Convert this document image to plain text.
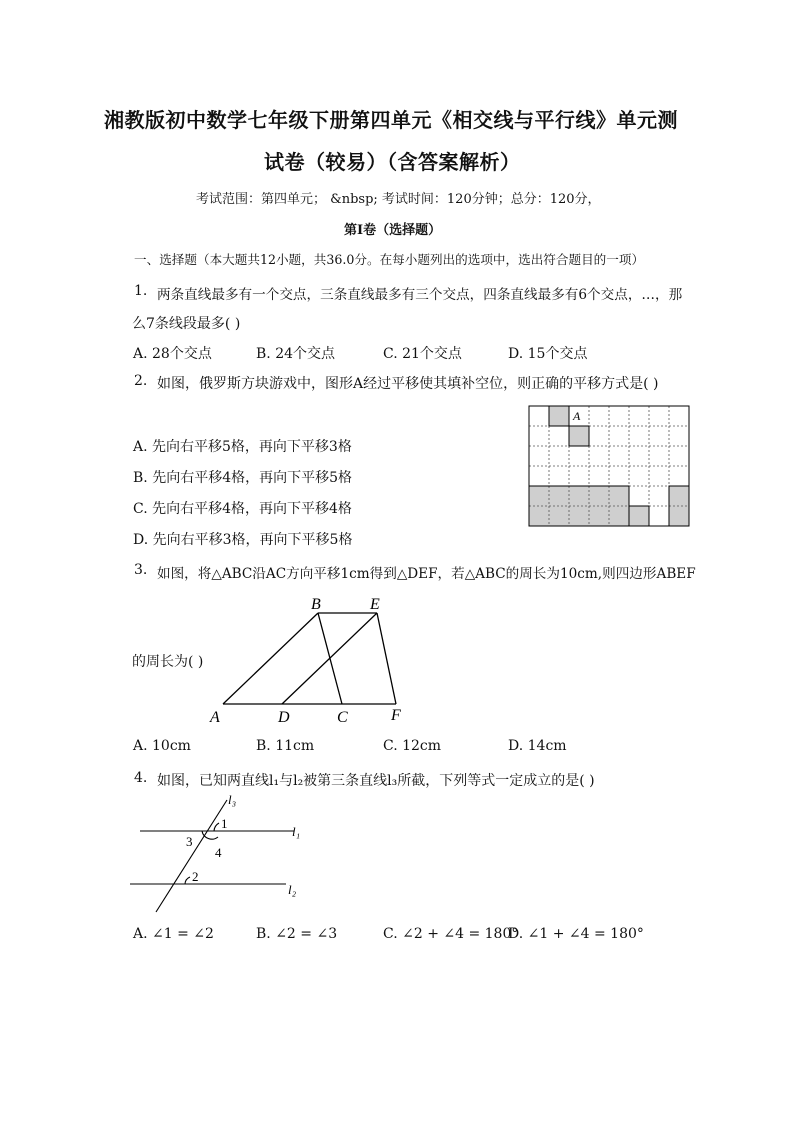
湘教版初中数学七年级下册第四单元《相交线与平行线》单元测
试卷（较易）（含答案解析）
考试范围：第四单元； &nbsp; 考试时间：120分钟；总分：120分，
第I卷（选择题）
一、选择题（本大题共12小题，共36.0分。在每小题列出的选项中，选出符合题目的一项）
1. 两条直线最多有一个交点，三条直线最多有三个交点，四条直线最多有6个交点，…，那
么7条线段最多( )
A. 28个交点	B. 24个交点	C. 21个交点	D. 15个交点
2. 如图，俄罗斯方块游戏中，图形A经过平移使其填补空位，则正确的平移方式是( )
A. 先向右平移5格，再向下平移3格
B. 先向右平移4格，再向下平移5格
C. 先向右平移4格，再向下平移4格
D. 先向右平移3格，再向下平移5格
A
3. 如图，将△ABC沿AC方向平移1cm得到△DEF，若△ABC的周长为10cm,则四边形ABEF
的周长为( )
B	E
A	D	C	F
A. 10cm	B. 11cm	C. 12cm	D. 14cm
4. 如图，已知两直线l₁与l₂被第三条直线l₃所截，下列等式一定成立的是( )
l₃
l₁
l₂
1
3
4
2
A. ∠1 = ∠2	B. ∠2 = ∠3	C. ∠2 + ∠4 = 180°
D. ∠1 + ∠4 = 180°
